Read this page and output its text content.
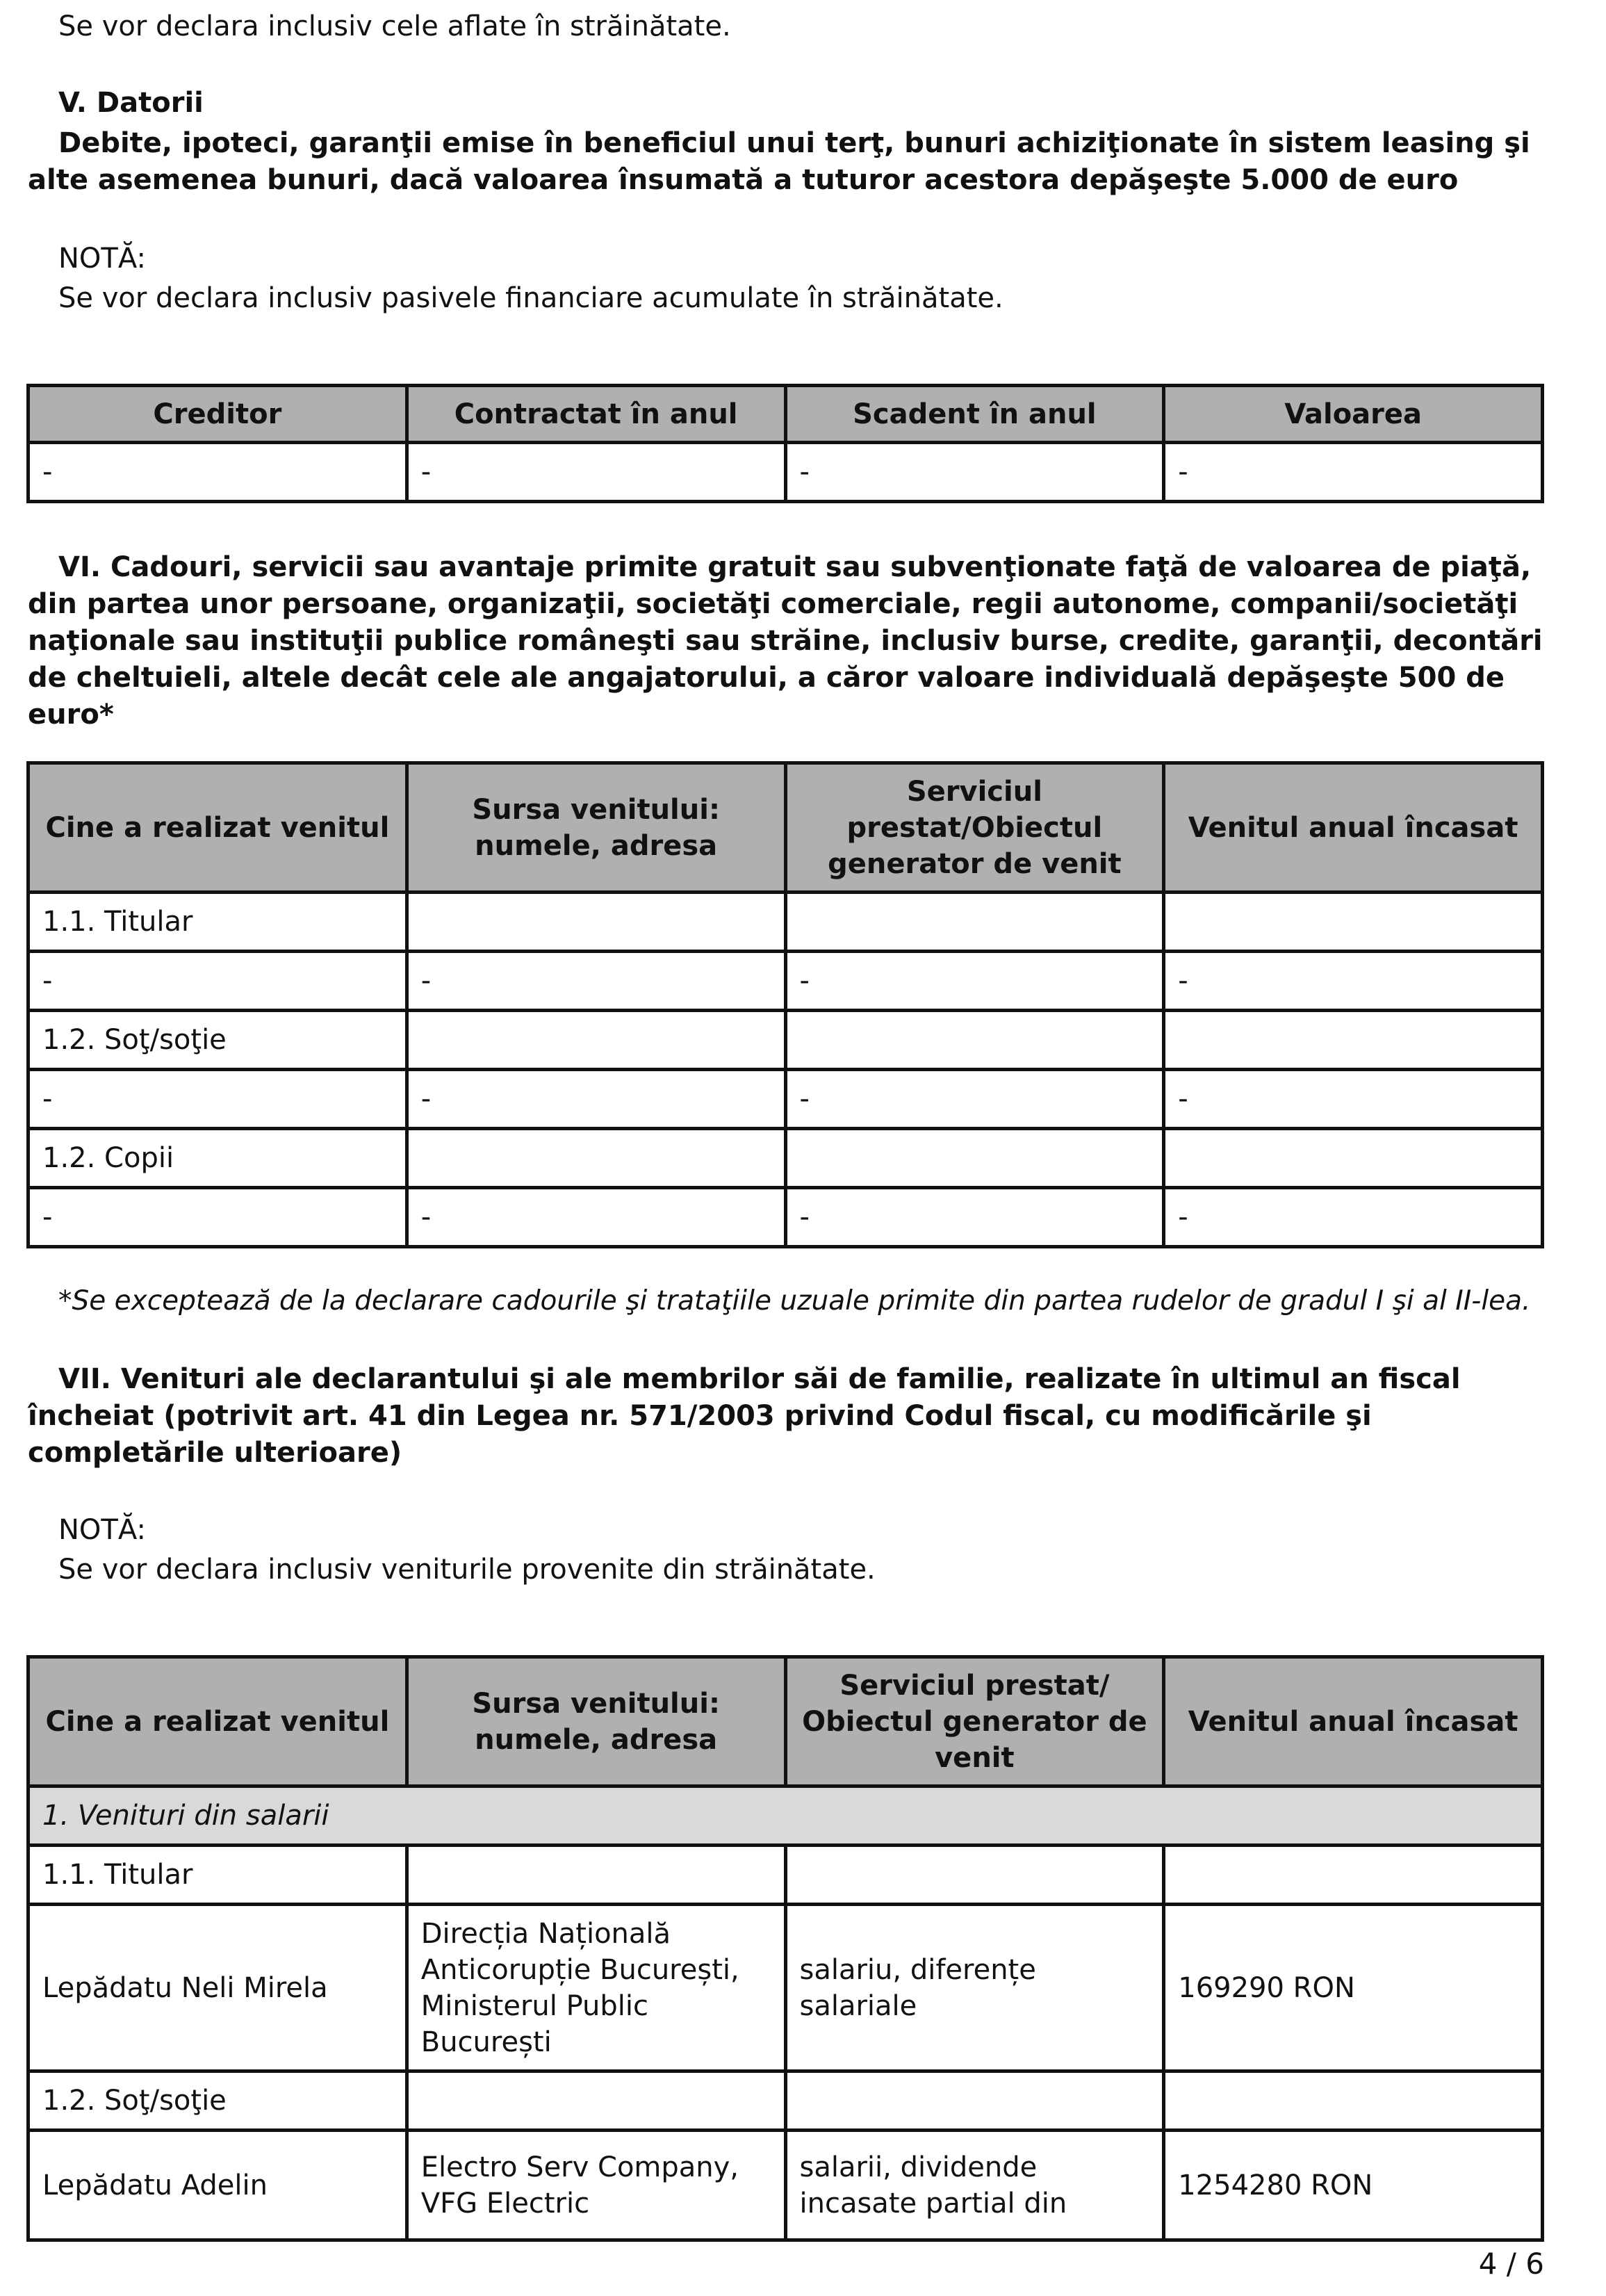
Se vor declara inclusiv cele aflate în străinătate.

V. Datorii

Debite, ipoteci, garanţii emise în beneficiul unui terţ, bunuri achiziţionate în sistem leasing şi alte asemenea bunuri, dacă valoarea însumată a tuturor acestora depăşeşte 5.000 de euro

NOTĂ:

Se vor declara inclusiv pasivele financiare acumulate în străinătate.

Creditor	Contractat în anul	Scadent în anul	Valoarea
-	-	-	-

VI. Cadouri, servicii sau avantaje primite gratuit sau subvenţionate faţă de valoarea de piaţă, din partea unor persoane, organizaţii, societăţi comerciale, regii autonome, companii/societăţi naţionale sau instituţii publice româneşti sau străine, inclusiv burse, credite, garanţii, decontări de cheltuieli, altele decât cele ale angajatorului, a căror valoare individuală depăşeşte 500 de euro*

Cine a realizat venitul	Sursa venitului: numele, adresa	Serviciul prestat/Obiectul generator de venit	Venitul anual încasat
1.1. Titular			
-	-	-	-
1.2. Soţ/soţie			
-	-	-	-
1.2. Copii			
-	-	-	-

*Se exceptează de la declarare cadourile şi trataţiile uzuale primite din partea rudelor de gradul I şi al II-lea.

VII. Venituri ale declarantului şi ale membrilor săi de familie, realizate în ultimul an fiscal încheiat (potrivit art. 41 din Legea nr. 571/2003 privind Codul fiscal, cu modificările şi completările ulterioare)

NOTĂ:

Se vor declara inclusiv veniturile provenite din străinătate.

Cine a realizat venitul	Sursa venitului: numele, adresa	Serviciul prestat/ Obiectul generator de venit	Venitul anual încasat
1. Venituri din salarii			
1.1. Titular			
Lepădatu Neli Mirela	Direcția Națională Anticorupție București, Ministerul Public București	salariu, diferențe salariale	169290 RON
1.2. Soţ/soţie			
Lepădatu Adelin	Electro Serv Company, VFG Electric	salarii, dividende incasate partial din	1254280 RON
4 / 6
